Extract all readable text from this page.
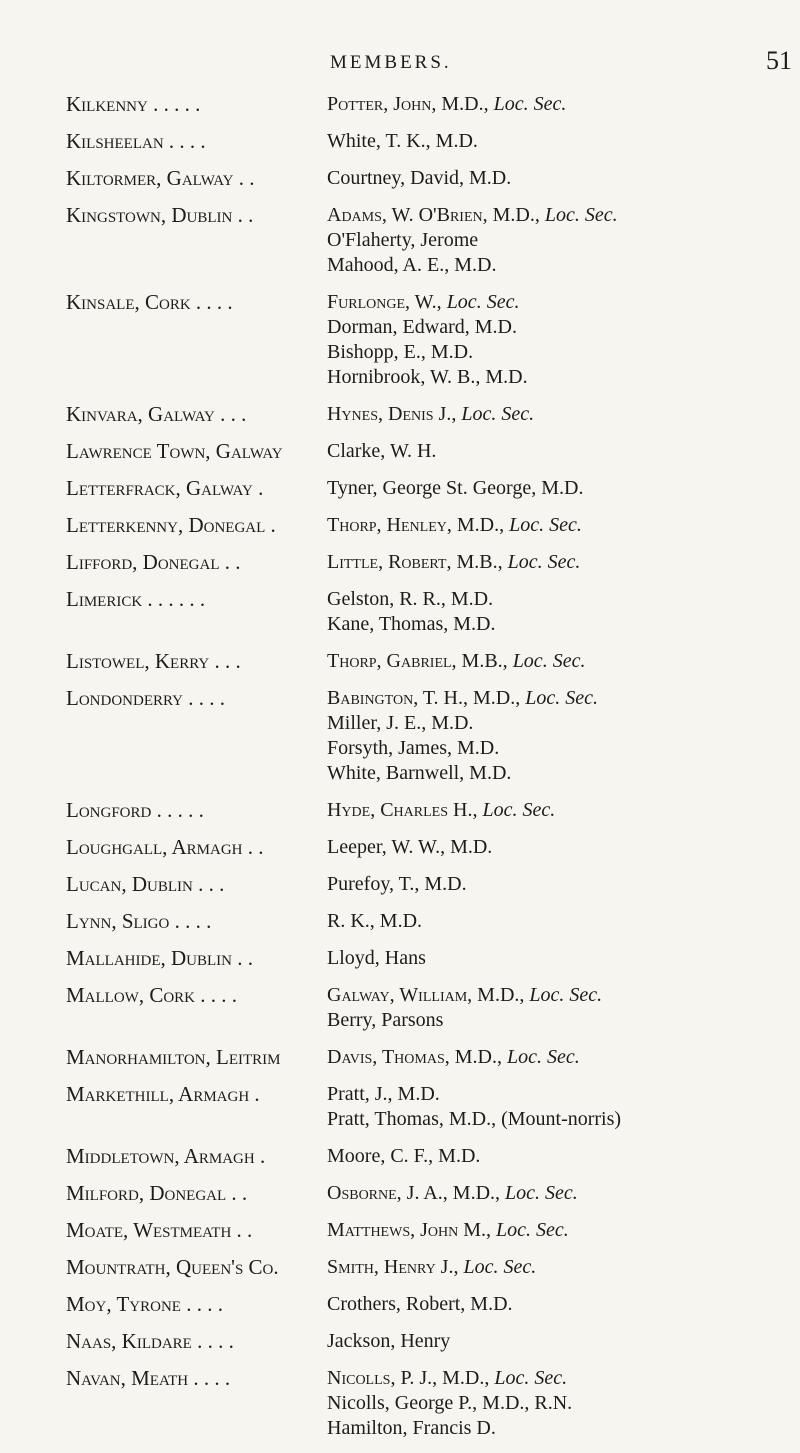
MEMBERS.	51
Kilkenny . . . . .	Potter, John, M.D., Loc. Sec.
Kilsheelan . . . .	White, T. K., M.D.
Kiltormer, Galway . .	Courtney, David, M.D.
Kingstown, Dublin . .	Adams, W. O'Brien, M.D., Loc. Sec.
O'Flaherty, Jerome
Mahood, A. E., M.D.
Kinsale, Cork . . . .	Furlonge, W., Loc. Sec.
Dorman, Edward, M.D.
Bishopp, E., M.D.
Hornibrook, W. B., M.D.
Kinvara, Galway . . .	Hynes, Denis J., Loc. Sec.
Lawrence Town, Galway	Clarke, W. H.
Letterfrack, Galway .	Tyner, George St. George, M.D.
Letterkenny, Donegal .	Thorp, Henley, M.D., Loc. Sec.
Lifford, Donegal . .	Little, Robert, M.B., Loc. Sec.
Limerick . . . . . .	Gelston, R. R., M.D.
Kane, Thomas, M.D.
Listowel, Kerry . . .	Thorp, Gabriel, M.B., Loc. Sec.
Londonderry . . . .	Babington, T. H., M.D., Loc. Sec.
Miller, J. E., M.D.
Forsyth, James, M.D.
White, Barnwell, M.D.
Longford . . . . .	Hyde, Charles H., Loc. Sec.
Loughgall, Armagh . .	Leeper, W. W., M.D.
Lucan, Dublin . . .	Purefoy, T., M.D.
Lynn, Sligo . . . .	R. K., M.D.
Mallahide, Dublin . .	Lloyd, Hans
Mallow, Cork . . . .	Galway, William, M.D., Loc. Sec.
Berry, Parsons
Manorhamilton, Leitrim	Davis, Thomas, M.D., Loc. Sec.
Markethill, Armagh .	Pratt, J., M.D.
Pratt, Thomas, M.D., (Mount-norris)
Middletown, Armagh .	Moore, C. F., M.D.
Milford, Donegal . .	Osborne, J. A., M.D., Loc. Sec.
Moate, Westmeath . .	Matthews, John M., Loc. Sec.
Mountrath, Queen's Co.	Smith, Henry J., Loc. Sec.
Moy, Tyrone . . . .	Crothers, Robert, M.D.
Naas, Kildare . . . .	Jackson, Henry
Navan, Meath . . . .	Nicolls, P. J., M.D., Loc. Sec.
Nicolls, George P., M.D., R.N.
Hamilton, Francis D.
